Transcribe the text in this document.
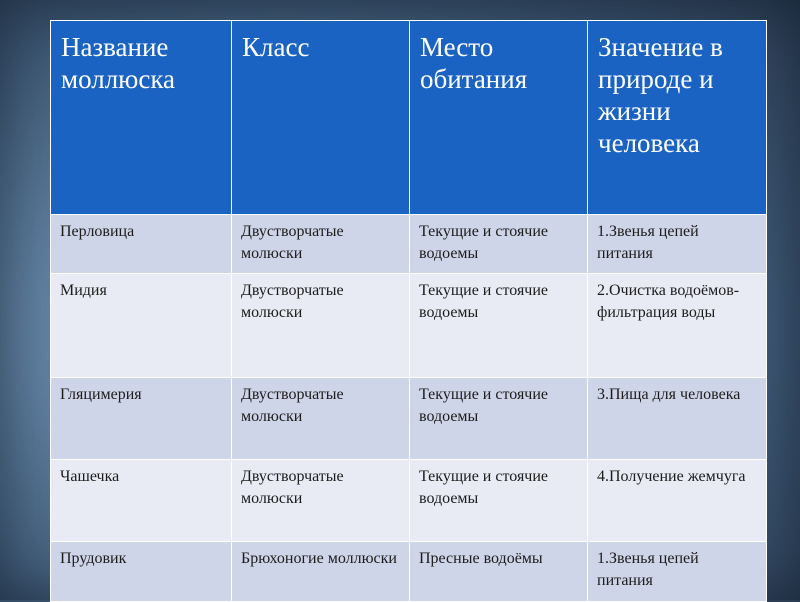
Название моллюска	Класс	Место обитания	Значение в природе и жизни человека
Перловица	Двустворчатые молюски	Текущие и стоячие водоемы	1.Звенья цепей питания
Мидия	Двустворчатые молюски	Текущие и стоячие водоемы	2.Очистка водоёмов-фильтрация воды
Гляцимерия	Двустворчатые молюски	Текущие и стоячие водоемы	3.Пища для человека
Чашечка	Двустворчатые молюски	Текущие и стоячие водоемы	4.Получение жемчуга
Прудовик	Брюхоногие моллюски	Пресные водоёмы	1.Звенья цепей питания
